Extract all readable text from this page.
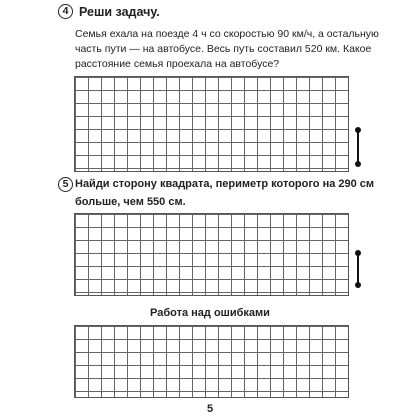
4 Реши задачу.
Семья ехала на поезде 4 ч со скоростью 90 км/ч, а остальную
часть пути — на автобусе. Весь путь составил 520 км. Какое
расстояние семья проехала на автобусе?
5 Найди сторону квадрата, периметр которого на 290 см
больше, чем 550 см.
Работа над ошибками
5
